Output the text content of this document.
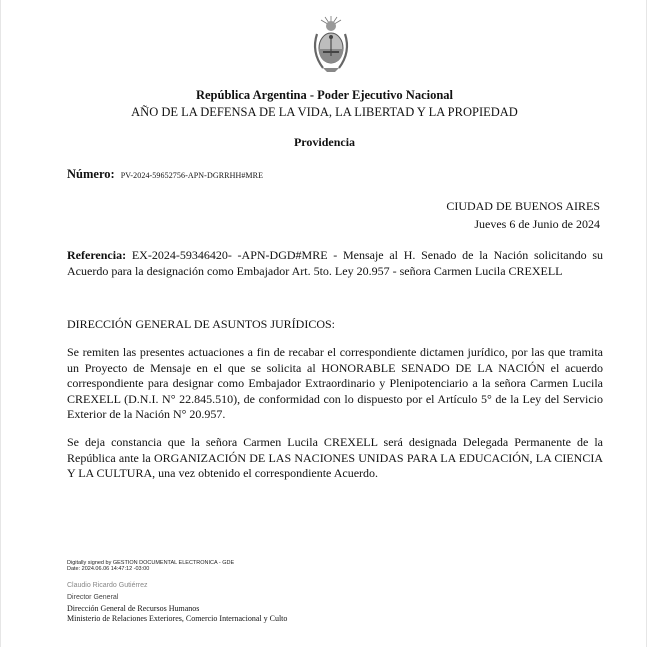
República Argentina - Poder Ejecutivo Nacional
AÑO DE LA DEFENSA DE LA VIDA, LA LIBERTAD Y LA PROPIEDAD
Providencia
Número: PV-2024-59652756-APN-DGRRHH#MRE
CIUDAD DE BUENOS AIRES
Jueves 6 de Junio de 2024
Referencia: EX-2024-59346420- -APN-DGD#MRE - Mensaje al H. Senado de la Nación solicitando su Acuerdo para la designación como Embajador Art. 5to. Ley 20.957 - señora Carmen Lucila CREXELL
DIRECCIÓN GENERAL DE ASUNTOS JURÍDICOS:
Se remiten las presentes actuaciones a fin de recabar el correspondiente dictamen jurídico, por las que tramita un Proyecto de Mensaje en el que se solicita al HONORABLE SENADO DE LA NACIÓN el acuerdo correspondiente para designar como Embajador Extraordinario y Plenipotenciario a la señora Carmen Lucila CREXELL (D.N.I. N° 22.845.510), de conformidad con lo dispuesto por el Artículo 5° de la Ley del Servicio Exterior de la Nación N° 20.957.
Se deja constancia que la señora Carmen Lucila CREXELL será designada Delegada Permanente de la República ante la ORGANIZACIÓN DE LAS NACIONES UNIDAS PARA LA EDUCACIÓN, LA CIENCIA Y LA CULTURA, una vez obtenido el correspondiente Acuerdo.
Digitally signed by GESTION DOCUMENTAL ELECTRONICA - GDE
Date: 2024.06.06 14:47:12 -03:00
Claudio Ricardo Gutiérrez
Director General
Dirección General de Recursos Humanos
Ministerio de Relaciones Exteriores, Comercio Internacional y Culto
